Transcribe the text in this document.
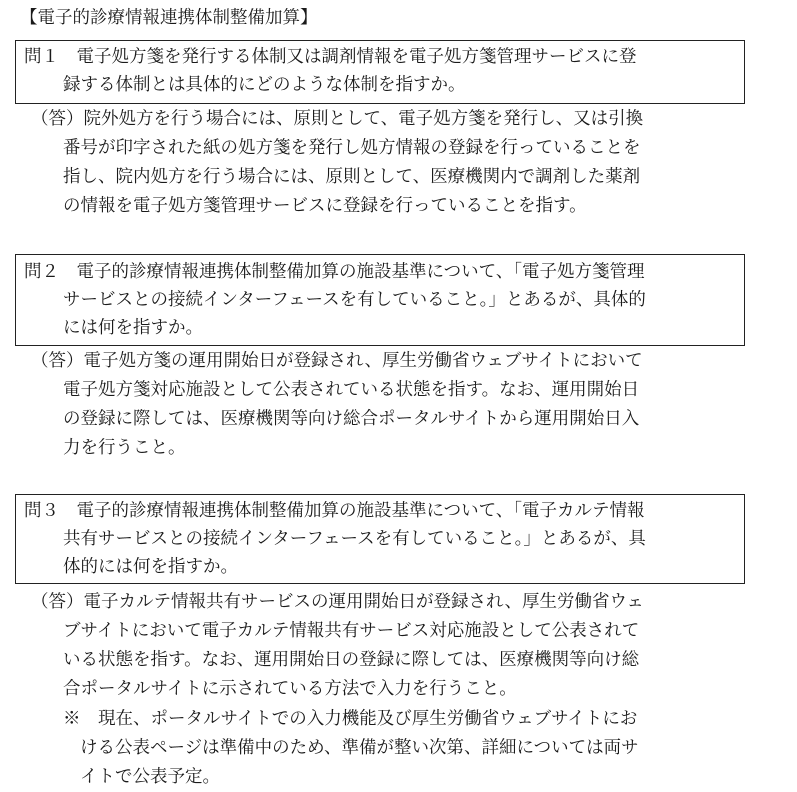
【電子的診療情報連携体制整備加算】
問１　電子処方箋を発行する体制又は調剤情報を電子処方箋管理サービスに登
録する体制とは具体的にどのような体制を指すか。
（答）院外処方を行う場合には、原則として、電子処方箋を発行し、又は引換
番号が印字された紙の処方箋を発行し処方情報の登録を行っていることを
指し、院内処方を行う場合には、原則として、医療機関内で調剤した薬剤
の情報を電子処方箋管理サービスに登録を行っていることを指す。
問２　電子的診療情報連携体制整備加算の施設基準について、「電子処方箋管理
サービスとの接続インターフェースを有していること。」とあるが、具体的
には何を指すか。
（答）電子処方箋の運用開始日が登録され、厚生労働省ウェブサイトにおいて
電子処方箋対応施設として公表されている状態を指す。なお、運用開始日
の登録に際しては、医療機関等向け総合ポータルサイトから運用開始日入
力を行うこと。
問３　電子的診療情報連携体制整備加算の施設基準について、「電子カルテ情報
共有サービスとの接続インターフェースを有していること。」とあるが、具
体的には何を指すか。
（答）電子カルテ情報共有サービスの運用開始日が登録され、厚生労働省ウェ
ブサイトにおいて電子カルテ情報共有サービス対応施設として公表されて
いる状態を指す。なお、運用開始日の登録に際しては、医療機関等向け総
合ポータルサイトに示されている方法で入力を行うこと。
※　現在、ポータルサイトでの入力機能及び厚生労働省ウェブサイトにお
ける公表ページは準備中のため、準備が整い次第、詳細については両サ
イトで公表予定。
